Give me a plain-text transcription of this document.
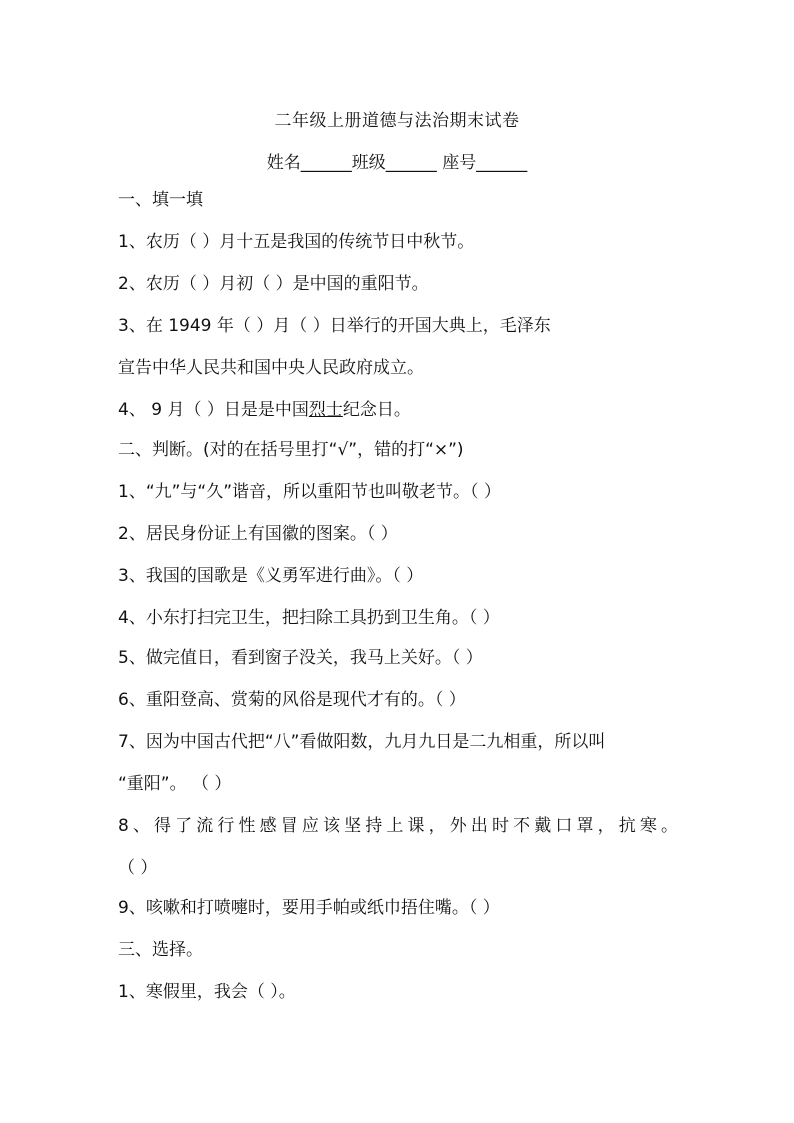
二年级上册道德与法治期末试卷
姓名______班级______ 座号______
一、填一填
1、农历（ ）月十五是我国的传统节日中秋节。
2、农历（ ）月初（ ）是中国的重阳节。
3、在 1949 年（ ）月（ ）日举行的开国大典上，毛泽东
宣告中华人民共和国中央人民政府成立。
4、 9 月（ ）日是是中国烈士纪念日。
二、判断。(对的在括号里打“√”，错的打“×”)
1、“九”与“久”谐音，所以重阳节也叫敬老节。（ ）
2、居民身份证上有国徽的图案。（ ）
3、我国的国歌是《义勇军进行曲》。（ ）
4、小东打扫完卫生，把扫除工具扔到卫生角。（ ）
5、做完值日，看到窗子没关，我马上关好。（ ）
6、重阳登高、赏菊的风俗是现代才有的。（ ）
7、因为中国古代把“八”看做阳数，九月九日是二九相重，所以叫
“重阳”。 （ ）
8、得了流行性感冒应该坚持上课，外出时不戴口罩，抗寒。
（ ）
9、咳嗽和打喷嚏时，要用手帕或纸巾捂住嘴。（ ）
三、选择。
1、寒假里，我会（ ）。
